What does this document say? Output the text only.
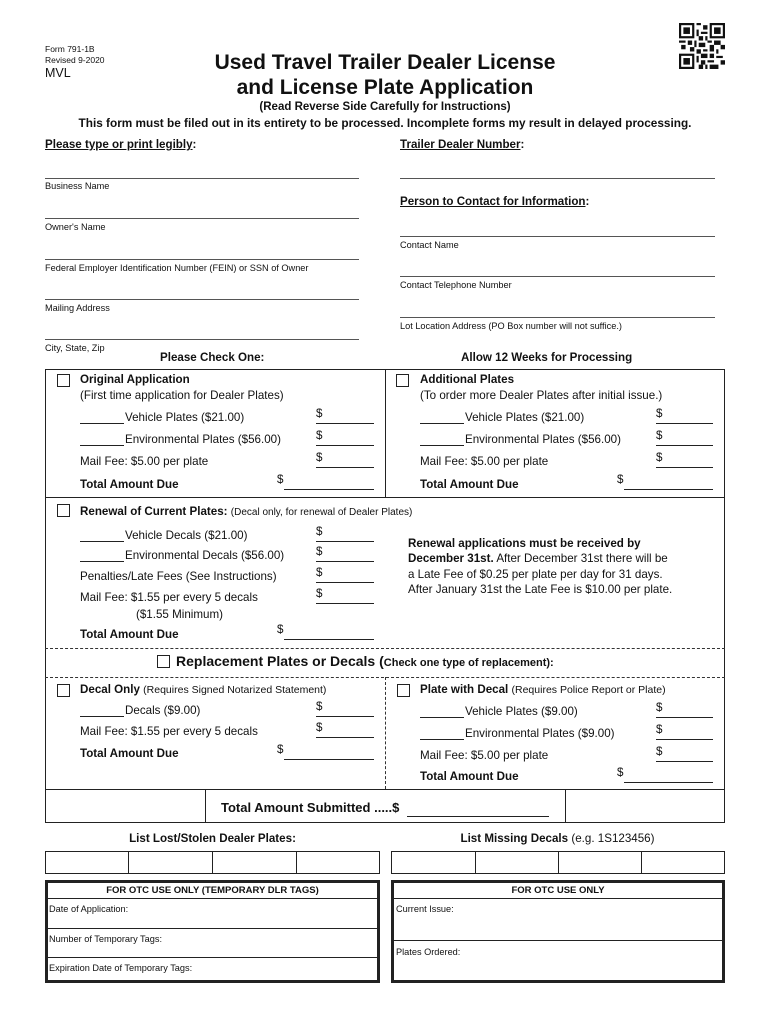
Form 791-1B
Revised 9-2020
MVL	Used Travel Trailer Dealer License
and License Plate Application
(Read Reverse Side Carefully for Instructions)
This form must be filed out in its entirety to be processed. Incomplete forms my result in delayed processing.
Please type or print legibly:	Trailer Dealer Number:
Business Name
Person to Contact for Information:
Owner's Name
Contact Name
Federal Employer Identification Number (FEIN) or SSN of Owner
Contact Telephone Number
Mailing Address
Lot Location Address (PO Box number will not suffice.)
City, State, Zip
Please Check One:	Allow 12 Weeks for Processing
Original Application
(First time application for Dealer Plates)
Vehicle Plates ($21.00)	$
Environmental Plates ($56.00)	$
Mail Fee: $5.00 per plate	$
Total Amount Due	$
Additional Plates
(To order more Dealer Plates after initial issue.)
Vehicle Plates ($21.00)	$
Environmental Plates ($56.00)	$
Mail Fee: $5.00 per plate	$
Total Amount Due	$
Renewal of Current Plates: (Decal only, for renewal of Dealer Plates)
Vehicle Decals ($21.00)	$
Environmental Decals ($56.00)	$
Penalties/Late Fees (See Instructions)	$
Mail Fee: $1.55 per every 5 decals	$
($1.55 Minimum)
Total Amount Due	$
Renewal applications must be received by
December 31st. After December 31st there will be
a Late Fee of $0.25 per plate per day for 31 days.
After January 31st the Late Fee is $10.00 per plate.
Replacement Plates or Decals (Check one type of replacement):
Decal Only (Requires Signed Notarized Statement)
Decals ($9.00)	$
Mail Fee: $1.55 per every 5 decals	$
Total Amount Due	$
Plate with Decal (Requires Police Report or Plate)
Vehicle Plates ($9.00)	$
Environmental Plates ($9.00)	$
Mail Fee: $5.00 per plate	$
Total Amount Due	$
Total Amount Submitted .....$
List Lost/Stolen Dealer Plates:	List Missing Decals (e.g. 1S123456)
FOR OTC USE ONLY (TEMPORARY DLR TAGS)
Date of Application:
Number of Temporary Tags:
Expiration Date of Temporary Tags:
FOR OTC USE ONLY
Current Issue:
Plates Ordered:
